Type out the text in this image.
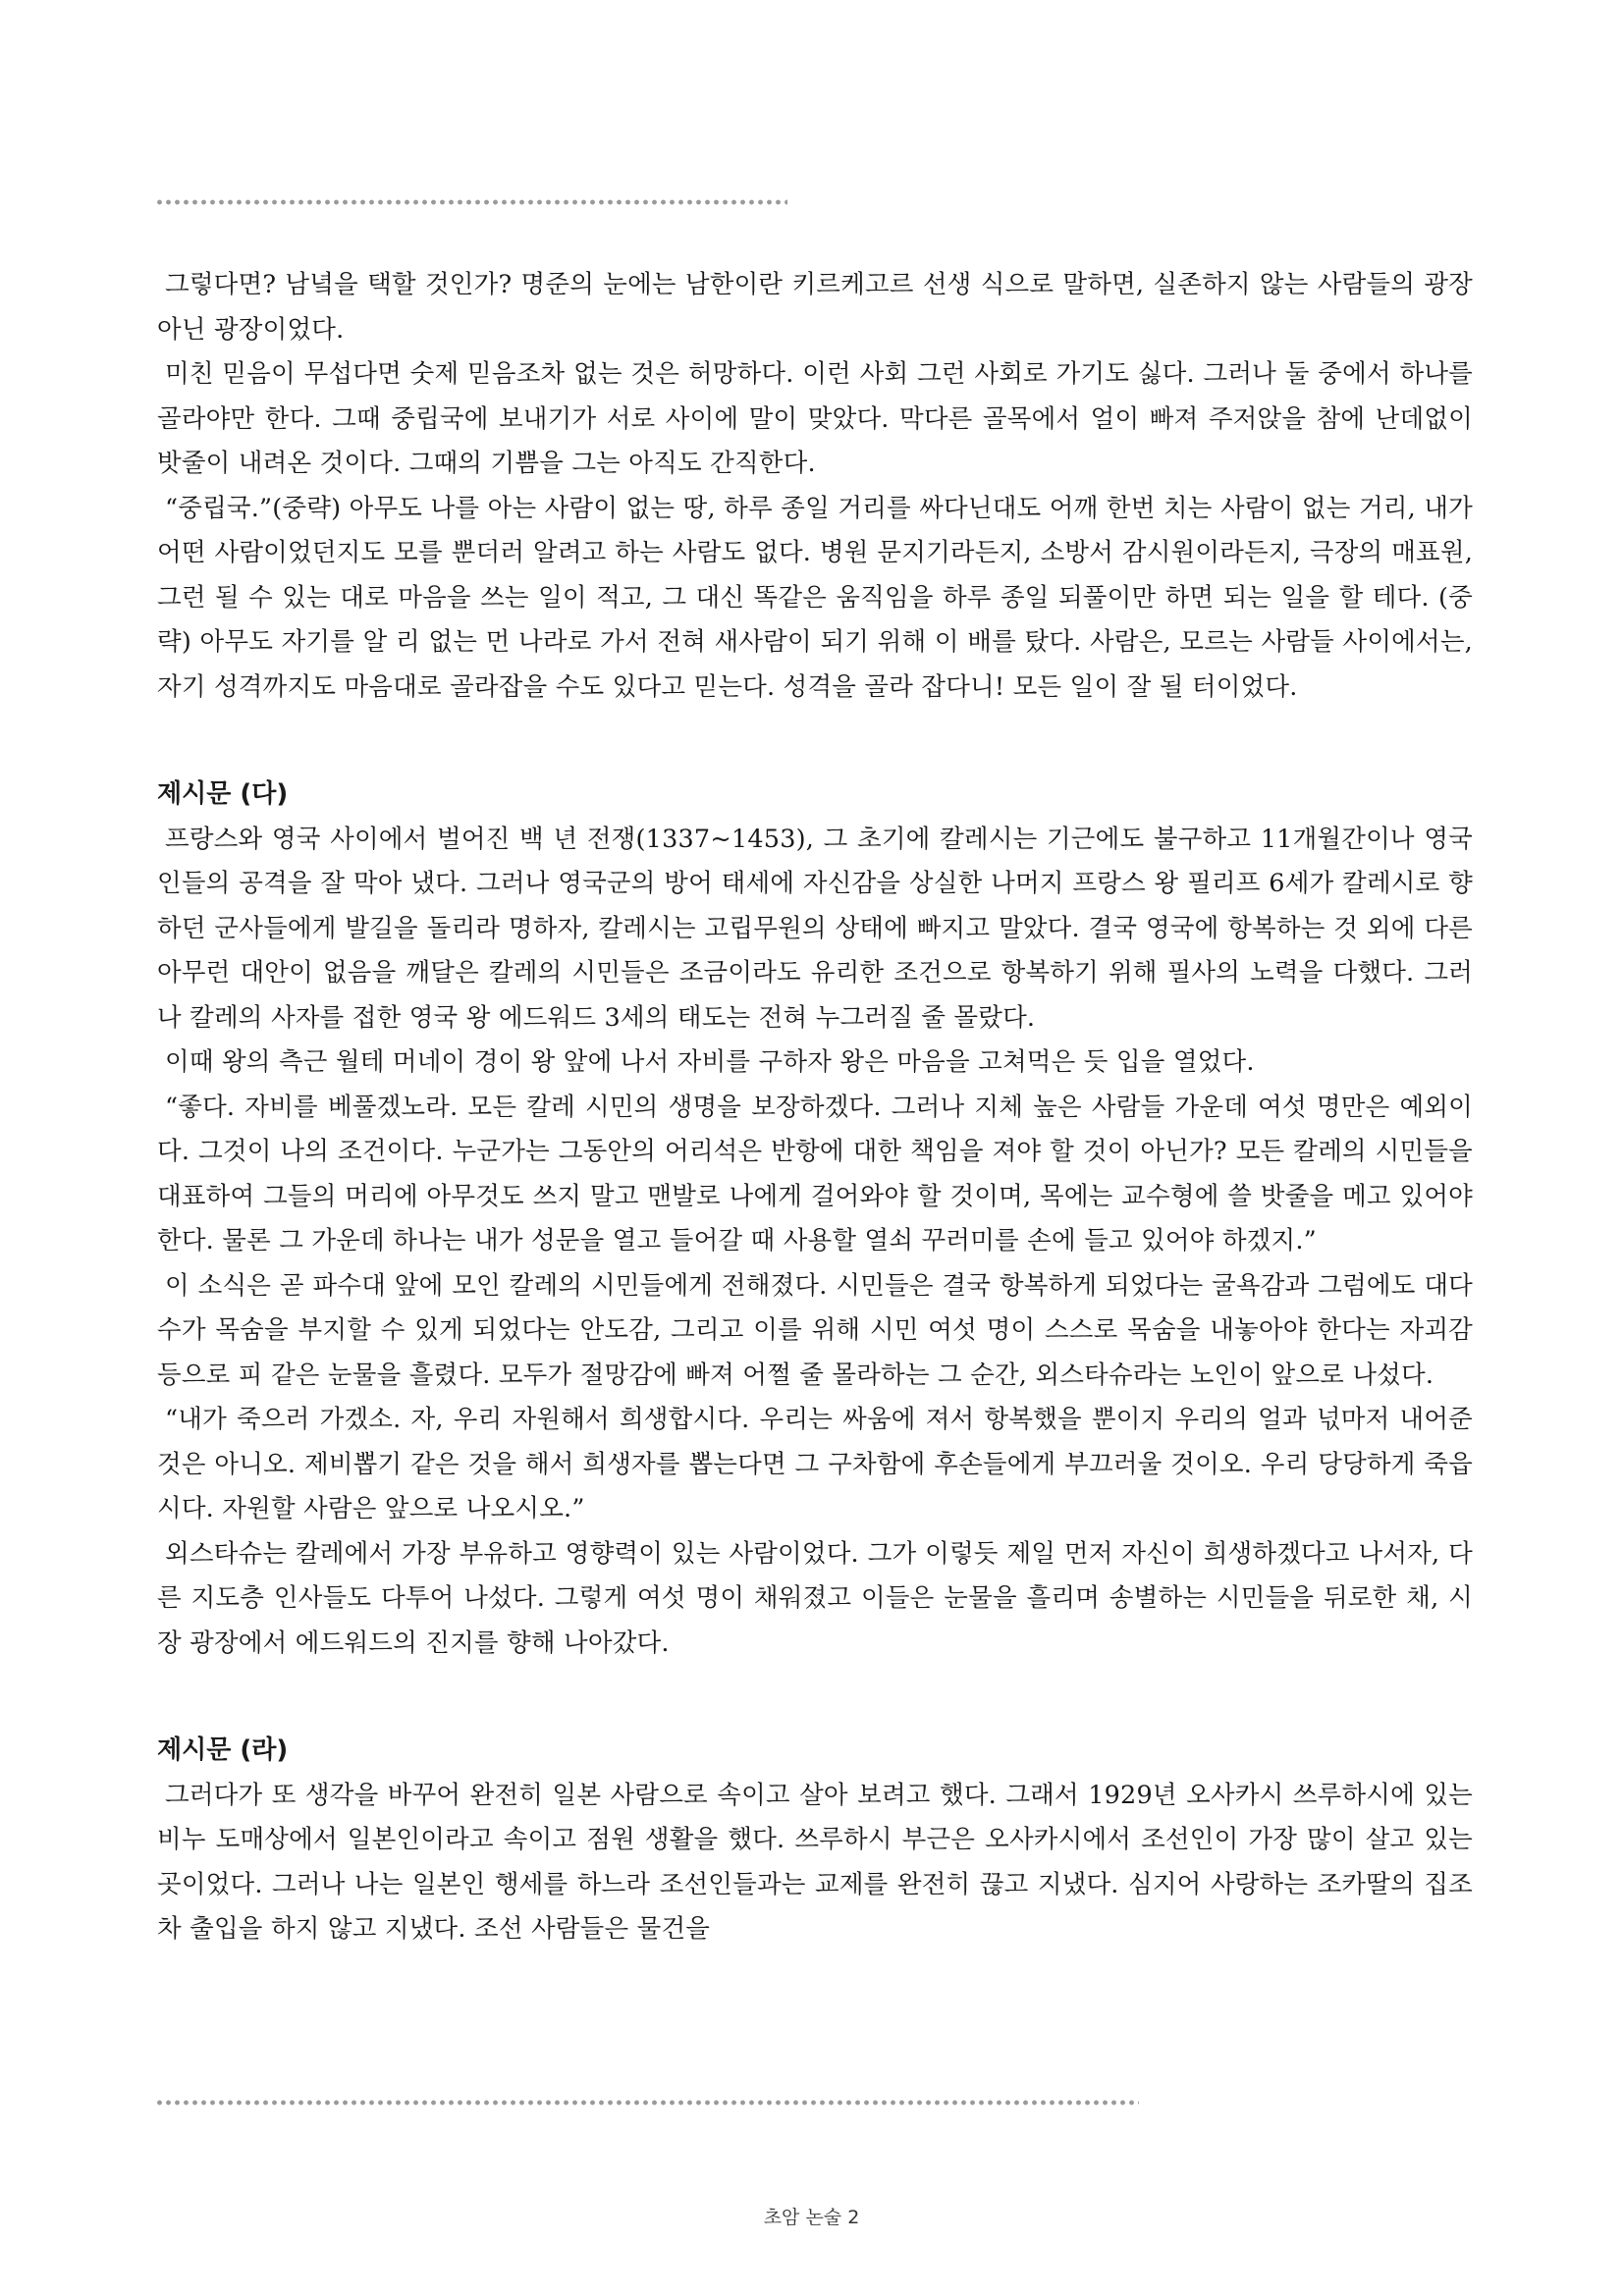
그렇다면? 남녘을 택할 것인가? 명준의 눈에는 남한이란 키르케고르 선생 식으로 말하면, 실존하지 않는 사람들의 광장 아닌 광장이었다.

미친 믿음이 무섭다면 숫제 믿음조차 없는 것은 허망하다. 이런 사회 그런 사회로 가기도 싫다. 그러나 둘 중에서 하나를 골라야만 한다. 그때 중립국에 보내기가 서로 사이에 말이 맞았다. 막다른 골목에서 얼이 빠져 주저앉을 참에 난데없이 밧줄이 내려온 것이다. 그때의 기쁨을 그는 아직도 간직한다.

“중립국.”(중략) 아무도 나를 아는 사람이 없는 땅, 하루 종일 거리를 싸다닌대도 어깨 한번 치는 사람이 없는 거리, 내가 어떤 사람이었던지도 모를 뿐더러 알려고 하는 사람도 없다. 병원 문지기라든지, 소방서 감시원이라든지, 극장의 매표원, 그런 될 수 있는 대로 마음을 쓰는 일이 적고, 그 대신 똑같은 움직임을 하루 종일 되풀이만 하면 되는 일을 할 테다. (중략) 아무도 자기를 알 리 없는 먼 나라로 가서 전혀 새사람이 되기 위해 이 배를 탔다. 사람은, 모르는 사람들 사이에서는, 자기 성격까지도 마음대로 골라잡을 수도 있다고 믿는다. 성격을 골라 잡다니! 모든 일이 잘 될 터이었다.

제시문 (다)

프랑스와 영국 사이에서 벌어진 백 년 전쟁(1337~1453), 그 초기에 칼레시는 기근에도 불구하고 11개월간이나 영국인들의 공격을 잘 막아 냈다. 그러나 영국군의 방어 태세에 자신감을 상실한 나머지 프랑스 왕 필리프 6세가 칼레시로 향하던 군사들에게 발길을 돌리라 명하자, 칼레시는 고립무원의 상태에 빠지고 말았다. 결국 영국에 항복하는 것 외에 다른 아무런 대안이 없음을 깨달은 칼레의 시민들은 조금이라도 유리한 조건으로 항복하기 위해 필사의 노력을 다했다. 그러나 칼레의 사자를 접한 영국 왕 에드워드 3세의 태도는 전혀 누그러질 줄 몰랐다.

이때 왕의 측근 월테 머네이 경이 왕 앞에 나서 자비를 구하자 왕은 마음을 고쳐먹은 듯 입을 열었다.

“좋다. 자비를 베풀겠노라. 모든 칼레 시민의 생명을 보장하겠다. 그러나 지체 높은 사람들 가운데 여섯 명만은 예외이다. 그것이 나의 조건이다. 누군가는 그동안의 어리석은 반항에 대한 책임을 져야 할 것이 아닌가? 모든 칼레의 시민들을 대표하여 그들의 머리에 아무것도 쓰지 말고 맨발로 나에게 걸어와야 할 것이며, 목에는 교수형에 쓸 밧줄을 메고 있어야 한다. 물론 그 가운데 하나는 내가 성문을 열고 들어갈 때 사용할 열쇠 꾸러미를 손에 들고 있어야 하겠지.”

이 소식은 곧 파수대 앞에 모인 칼레의 시민들에게 전해졌다. 시민들은 결국 항복하게 되었다는 굴욕감과 그럼에도 대다수가 목숨을 부지할 수 있게 되었다는 안도감, 그리고 이를 위해 시민 여섯 명이 스스로 목숨을 내놓아야 한다는 자괴감 등으로 피 같은 눈물을 흘렸다. 모두가 절망감에 빠져 어쩔 줄 몰라하는 그 순간, 외스타슈라는 노인이 앞으로 나섰다.

“내가 죽으러 가겠소. 자, 우리 자원해서 희생합시다. 우리는 싸움에 져서 항복했을 뿐이지 우리의 얼과 넋마저 내어준 것은 아니오. 제비뽑기 같은 것을 해서 희생자를 뽑는다면 그 구차함에 후손들에게 부끄러울 것이오. 우리 당당하게 죽읍시다. 자원할 사람은 앞으로 나오시오.”

외스타슈는 칼레에서 가장 부유하고 영향력이 있는 사람이었다. 그가 이렇듯 제일 먼저 자신이 희생하겠다고 나서자, 다른 지도층 인사들도 다투어 나섰다. 그렇게 여섯 명이 채워졌고 이들은 눈물을 흘리며 송별하는 시민들을 뒤로한 채, 시장 광장에서 에드워드의 진지를 향해 나아갔다.

제시문 (라)

그러다가 또 생각을 바꾸어 완전히 일본 사람으로 속이고 살아 보려고 했다. 그래서 1929년 오사카시 쓰루하시에 있는 비누 도매상에서 일본인이라고 속이고 점원 생활을 했다. 쓰루하시 부근은 오사카시에서 조선인이 가장 많이 살고 있는 곳이었다. 그러나 나는 일본인 행세를 하느라 조선인들과는 교제를 완전히 끊고 지냈다. 심지어 사랑하는 조카딸의 집조차 출입을 하지 않고 지냈다. 조선 사람들은 물건을

초암 논술 2
